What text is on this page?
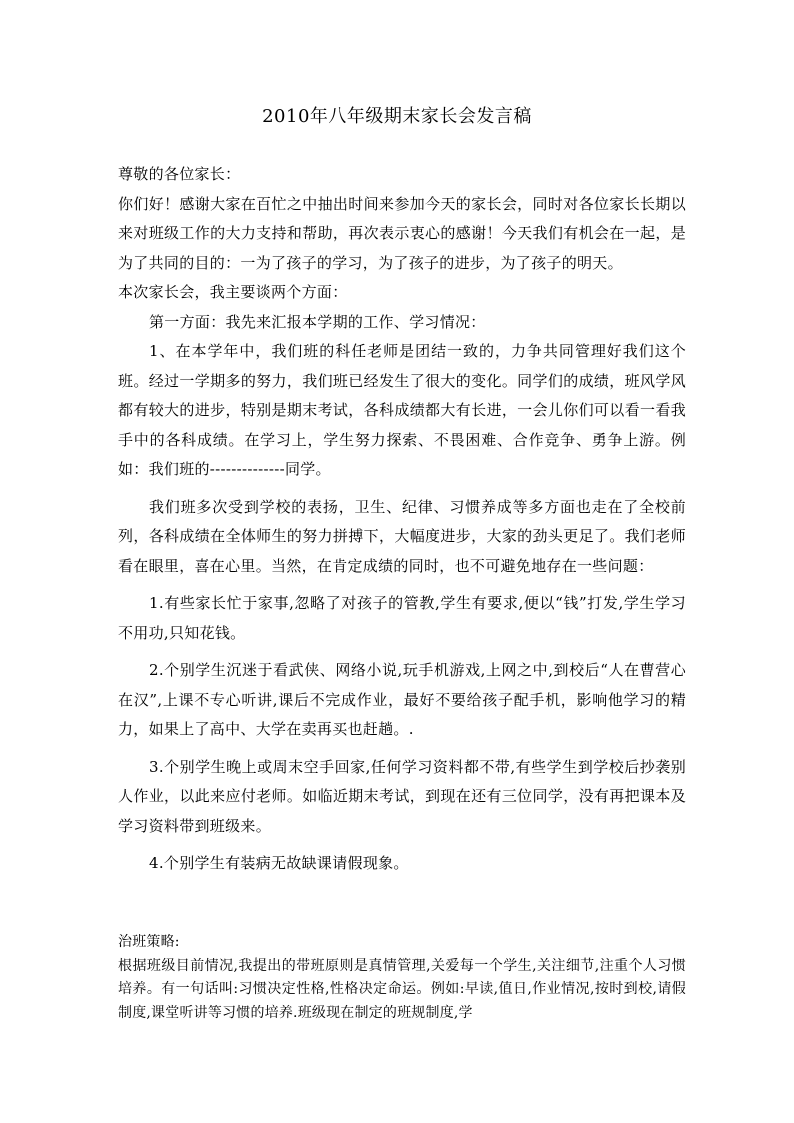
2010年八年级期末家长会发言稿

尊敬的各位家长：

你们好！感谢大家在百忙之中抽出时间来参加今天的家长会，同时对各位家长长期以来对班级工作的大力支持和帮助，再次表示衷心的感谢！今天我们有机会在一起，是为了共同的目的：一为了孩子的学习，为了孩子的进步，为了孩子的明天。

本次家长会，我主要谈两个方面：

第一方面：我先来汇报本学期的工作、学习情况：

1、在本学年中，我们班的科任老师是团结一致的，力争共同管理好我们这个班。经过一学期多的努力，我们班已经发生了很大的变化。同学们的成绩，班风学风都有较大的进步，特别是期末考试，各科成绩都大有长进，一会儿你们可以看一看我手中的各科成绩。在学习上，学生努力探索、不畏困难、合作竞争、勇争上游。例如：我们班的--------------同学。

我们班多次受到学校的表扬，卫生、纪律、习惯养成等多方面也走在了全校前列，各科成绩在全体师生的努力拼搏下，大幅度进步，大家的劲头更足了。我们老师看在眼里，喜在心里。当然，在肯定成绩的同时，也不可避免地存在一些问题：

1.有些家长忙于家事,忽略了对孩子的管教,学生有要求,便以“钱”打发,学生学习不用功,只知花钱。

2.个别学生沉迷于看武侠、网络小说,玩手机游戏,上网之中,到校后“人在曹营心在汉”,上课不专心听讲,课后不完成作业，最好不要给孩子配手机，影响他学习的精力，如果上了高中、大学在卖再买也赶趟。.

3.个别学生晚上或周末空手回家,任何学习资料都不带,有些学生到学校后抄袭别人作业，以此来应付老师。如临近期末考试，到现在还有三位同学，没有再把课本及学习资料带到班级来。

4.个别学生有装病无故缺课请假现象。

治班策略:

根据班级目前情况,我提出的带班原则是真情管理,关爱每一个学生,关注细节,注重个人习惯培养。有一句话叫:习惯决定性格,性格决定命运。例如:早读,值日,作业情况,按时到校,请假制度,课堂听讲等习惯的培养.班级现在制定的班规制度,学
